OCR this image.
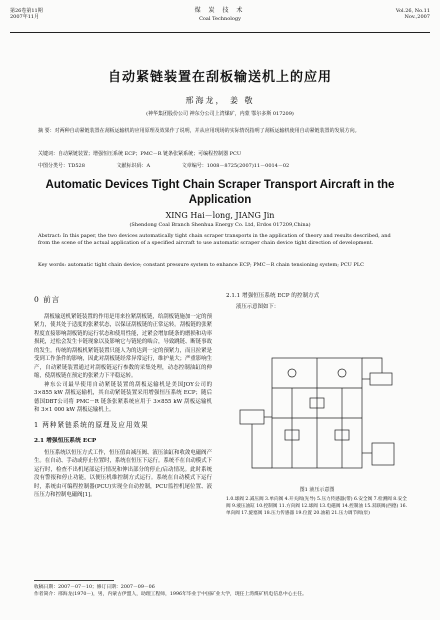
第26卷第11期
2007年11月
煤 炭 技 术
Coal Technology
Vol.26, No.11
Nov.,2007
自动紧链装置在刮板输送机上的应用
邢海龙， 姜 敬
(神华集团股份公司 神东分公司上湾煤矿，内蒙 鄂尔多斯 017209)
摘 要：对两种自动紧链装置在刮板运输机的应用原理及效果作了说明，并从应用现场的实际情况指明了刮板运输机使用自动紧链装置的发展方向。
关键词：自动紧链装置；增强恒压系统 ECP；PMC－R 链条张紧系统；可编程控制器 PCU
中图分类号：TD528	文献标识码：A	文章编号：1008－8725(2007)11－0014－02
Automatic Devices Tight Chain Scraper Transport Aircraft in the Application
XING Hai－long, JIANG Jin
(Shendong Coal Branch Shenhua Energy Co. Ltd, Erdos 017209,China)
Abstract: In this paper, the two devices automatically tight chain scraper transports in the application of theory and results described, and from the scene of the actual application of a specified aircraft to use automatic scraper chain device tight direction of development.
Key words: automatic tight chain device; constant pressure system to enhance ECP; PMC－R chain tensioning system; PCU PLC
0 前言

刮板输送机紧链装置的作用是用来拉紧刮板链，给刮板链施加一定的预紧力，使其处于适度的张紧状态，以保证刮板链的正常运转。刮板链的张紧程度直接影响刮板链的运行状态和使用性能，过紧会增加链条的磨损和功率损耗，过松会发生卡链现象以及影响它与链轮的啮合，导致跳链、断链事故的发生。传统的刮板机紧链装置只能人为的达到一定的预紧力，而且拉紧是受到工作条件的影响，因此对刮板链经常异常运行，维护量大；严重影响生产，自动紧链装置通过对刮板链运行参数的采集处理，动态控制油缸的伸缩，使刮板链在预定的张紧力下平稳运转。

神东公司最早使用自动紧链装置的刮板运输机是美国JOY公司的 3×855 kW 刮板运输机，其自动紧链装置采用增强恒压系统 ECP；随后德国DBT公司将 PMC－R 链条张紧系统应用于 3×855 kW 刮板运输机和 3×1 000 kW 刮板运输机上。

1 两种紧链系统的原理及应用效果
2.1 增强恒压系统 ECP

恒压系统以恒压方式工作，恒压值由减压阀、液压油缸和收敛电磁阀产生。在自动、手动或停止位置时，系统在恒压下运行。系统不在自动模式下运行时，检查不出机尾部运行情况和伸出部分的停止/启动情况。此时系统没有警报和停止功能，以便压机维控制方式运行。系统在自动模式下运行时，系统由可编程控制器(PCU)实现全自动控制，PCU监控机尾位置、液压压力和控制电磁阀[1]。

2.1.1 增强恒压系统 ECP 的控制方式

液压示意图如下：

图1 液压示意图
1.0.球阀 2.减压阀 3.单向阀 4.开关阀(先导) 5.压力传感器(带) 6.安全阀 7.检测阀 8.安全阀 9.液压油缸 10.控制阀 11.方向阀 12.球阀 13.电磁阀 14.控制油 15.双联阀(西德) 16.单向阀 17.旋塞阀 18.压力传感器 19.位置 20.油箱 21.压力调节阀(泵)
收稿日期：2007－07－10；修订日期：2007－09－06
作者简介：邢海龙(1970－)，男，内蒙古伊盟人，助理工程师，1996年毕业于中国矿业大学，现任上湾煤矿机电信息中心主任。
